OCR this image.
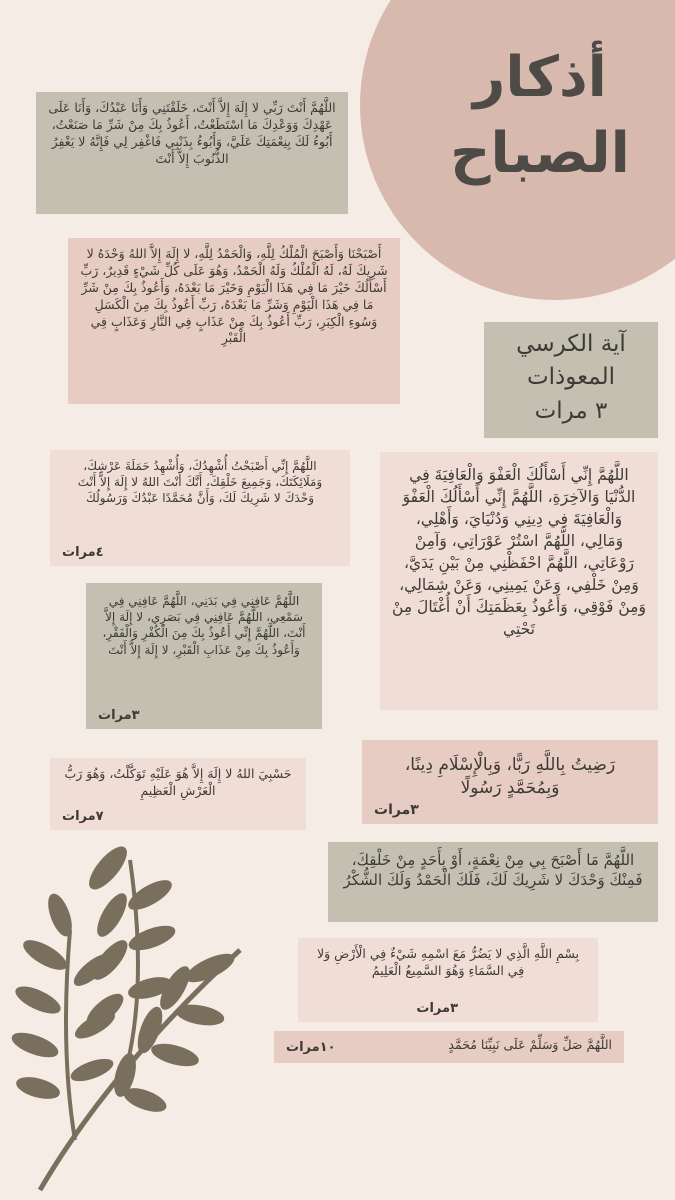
أذكار
الصباح
اللَّهُمَّ أَنْتَ رَبِّي لا إِلَهَ إِلاَّ أَنْتَ، خَلَقْتَنِي وَأَنَا عَبْدُكَ، وَأَنَا عَلَى عَهْدِكَ وَوَعْدِكَ مَا اسْتَطَعْتُ، أَعُوذُ بِكَ مِنْ شَرِّ مَا صَنَعْتُ، أَبُوءُ لَكَ بِنِعْمَتِكَ عَلَيَّ، وَأَبُوءُ بِذَنْبِي فَاغْفِر لِي فَإِنَّهُ لا يَغْفِرُ الذُّنُوبَ إِلاَّ أَنْتَ
أَصْبَحْنَا وَأَصْبَحَ الْمُلْكُ لِلَّهِ، وَالْحَمْدُ لِلَّهِ، لا إِلَهَ إِلاَّ اللهُ وَحْدَهُ لا شَرِيكَ لَهُ، لَهُ الْمُلْكُ وَلَهُ الْحَمْدُ، وَهُوَ عَلَى كُلِّ شَيْءٍ قَدِيرٌ، رَبِّ أَسْأَلُكَ خَيْرَ مَا فِي هَذَا الْيَوْمِ وَخَيْرَ مَا بَعْدَهُ، وَأَعُوذُ بِكَ مِنْ شَرِّ مَا فِي هَذَا الْيَوْمِ وَشَرِّ مَا بَعْدَهُ، رَبِّ أَعُوذُ بِكَ مِنَ الْكَسَلِ وَسُوءِ الْكِبَرِ، رَبِّ أَعُوذُ بِكَ مِنْ عَذَابٍ فِي النَّارِ وَعَذَابٍ فِي الْقَبْرِ	آية الكرسي
المعوذات
٣ مرات
اللَّهُمَّ إِنِّي أَصْبَحْتُ أُشْهِدُكَ، وَأُشْهِدُ حَمَلَةَ عَرْشِكَ، وَمَلَائِكَتَكَ، وَجَمِيعَ خَلْقِكَ، أَنَّكَ أَنْتَ اللهُ لا إِلَهَ إِلاَّ أَنْتَ وَحْدَكَ لا شَرِيكَ لَكَ، وَأَنَّ مُحَمَّدًا عَبْدُكَ وَرَسُولُكَ
٤مرات
اللَّهُمَّ إِنِّي أَسْأَلُكَ الْعَفْوَ وَالْعَافِيَةَ فِي الدُّنْيَا وَالآخِرَةِ، اللَّهُمَّ إِنِّي أَسْأَلُكَ الْعَفْوَ وَالْعَافِيَةَ فِي دِينِي وَدُنْيَايَ، وَأَهْلِي، وَمَالِي، اللَّهُمَّ اسْتُرْ عَوْرَاتِي، وَآمِنْ رَوْعَاتِي، اللَّهُمَّ احْفَظْنِي مِنْ بَيْنِ يَدَيَّ، وَمِنْ خَلْفِي، وَعَنْ يَمِينِي، وَعَنْ شِمَالِي، وَمِنْ فَوْقِي، وَأَعُوذُ بِعَظَمَتِكَ أَنْ أُغْتَالَ مِنْ تَحْتِي
اللَّهُمَّ عَافِنِي فِي بَدَنِي، اللَّهُمَّ عَافِنِي فِي سَمْعِي، اللَّهُمَّ عَافِنِي فِي بَصَرِي، لا إِلَهَ إِلاَّ أَنْتَ، اللَّهُمَّ إِنِّي أَعُوذُ بِكَ مِنَ الْكُفْرِ وَالْفَقْرِ، وَأَعُوذُ بِكَ مِنْ عَذَابِ الْقَبْرِ، لا إِلَهَ إِلاَّ أَنْتَ
٣مرات
رَضِيتُ بِاللَّهِ رَبًّا، وَبِالْإِسْلَامِ دِينًا، وَبِمُحَمَّدٍ رَسُولًا
٣مرات
حَسْبِيَ اللهُ لا إِلَهَ إِلاَّ هُوَ عَلَيْهِ تَوَكَّلْتُ، وَهُوَ رَبُّ الْعَرْشِ الْعَظِيمِ
٧مرات
اللَّهُمَّ مَا أَصْبَحَ بِي مِنْ نِعْمَةٍ، أَوْ بِأَحَدٍ مِنْ خَلْقِكَ، فَمِنْكَ وَحْدَكَ لا شَرِيكَ لَكَ، فَلَكَ الْحَمْدُ وَلَكَ الشُّكْرُ
بِسْمِ اللَّهِ الَّذِي لا يَضُرُّ مَعَ اسْمِهِ شَيْءٌ فِي الْأَرْضِ وَلا فِي السَّمَاءِ وَهُوَ السَّمِيعُ الْعَلِيمُ
٣مرات
اللَّهُمَّ صَلِّ وَسَلِّمْ عَلَى نَبِيِّنَا مُحَمَّدٍ
١٠مرات
